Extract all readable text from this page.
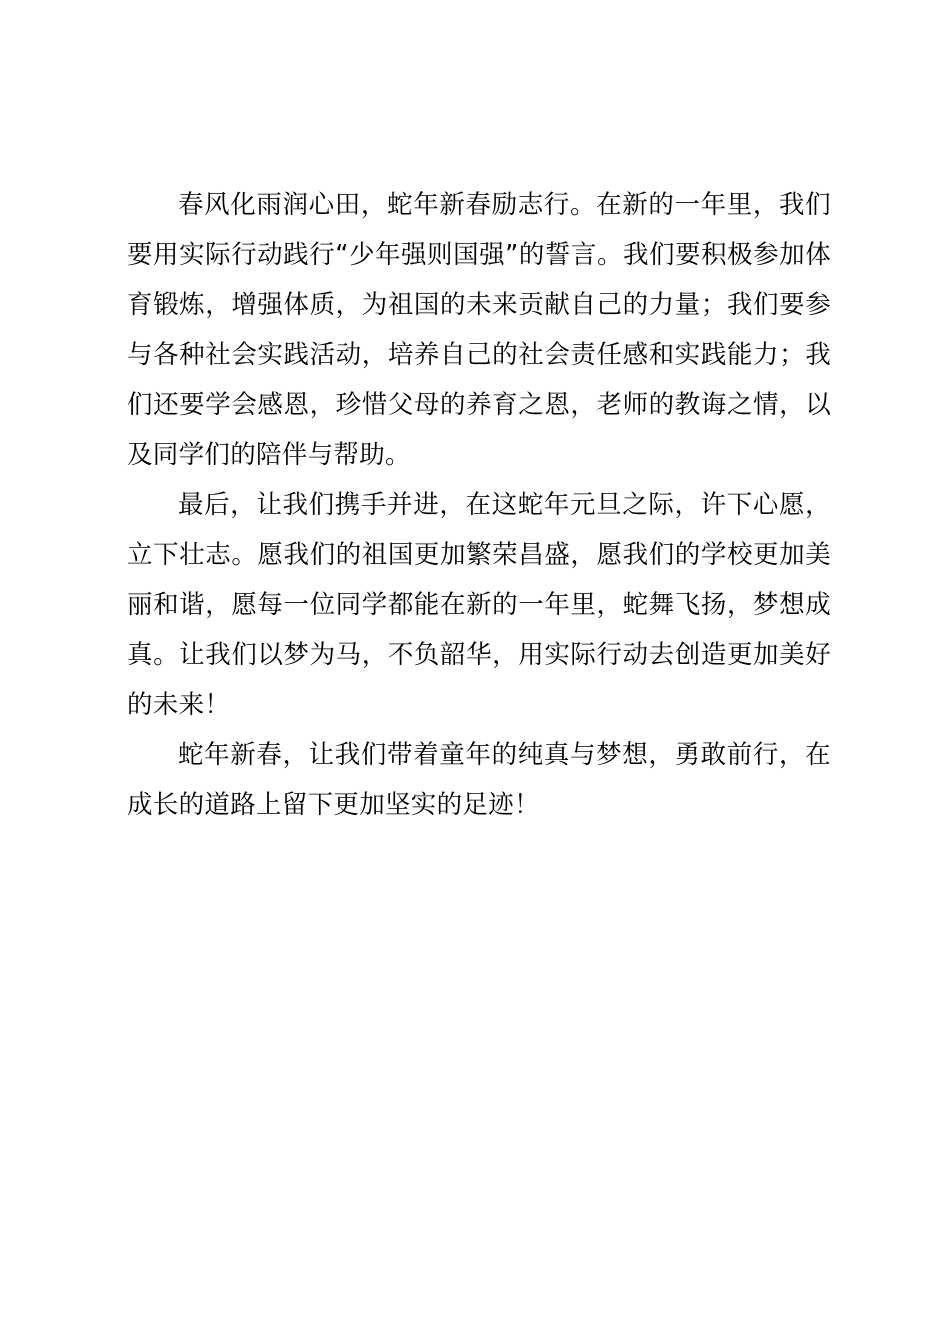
春风化雨润心田，蛇年新春励志行。在新的一年里，我们要用实际行动践行“少年强则国强”的誓言。我们要积极参加体育锻炼，增强体质，为祖国的未来贡献自己的力量；我们要参与各种社会实践活动，培养自己的社会责任感和实践能力；我们还要学会感恩，珍惜父母的养育之恩，老师的教诲之情，以及同学们的陪伴与帮助。

最后，让我们携手并进，在这蛇年元旦之际，许下心愿，立下壮志。愿我们的祖国更加繁荣昌盛，愿我们的学校更加美丽和谐，愿每一位同学都能在新的一年里，蛇舞飞扬，梦想成真。让我们以梦为马，不负韶华，用实际行动去创造更加美好的未来！

蛇年新春，让我们带着童年的纯真与梦想，勇敢前行，在成长的道路上留下更加坚实的足迹！
